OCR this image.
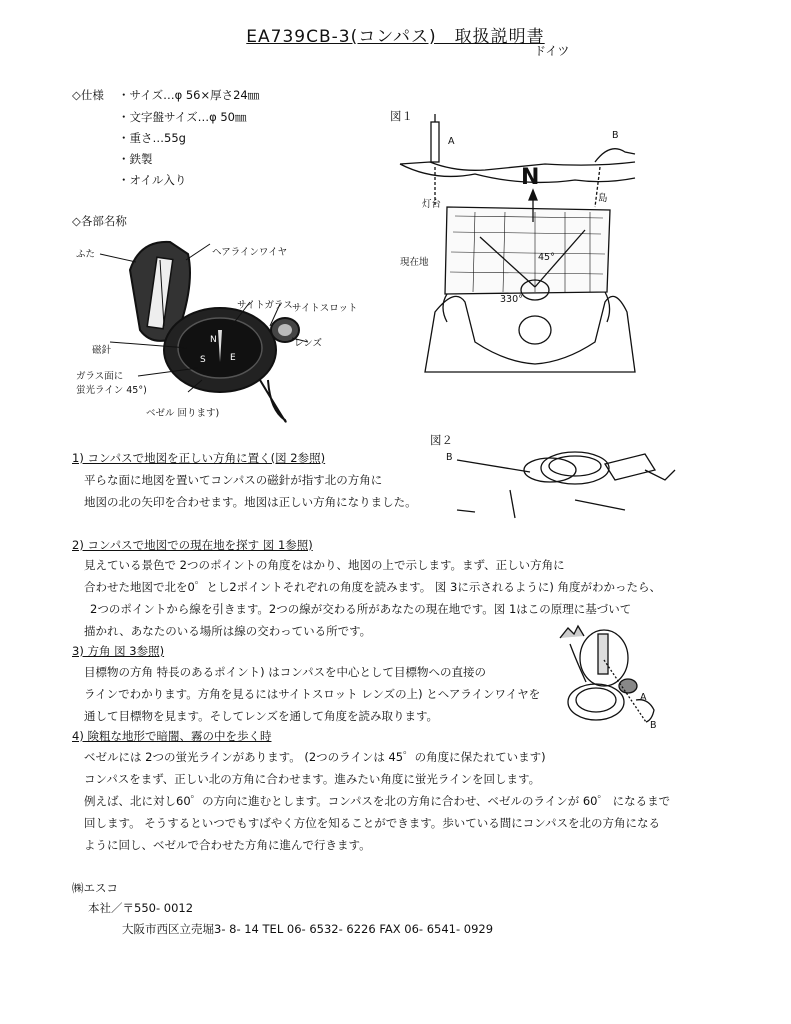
EA739CB-3(コンパス)　取扱説明書
ドイツ
◇仕様 ・サイズ…φ 56×厚さ24㎜
・文字盤サイズ…φ 50㎜
・重さ…55g
・鉄製
・オイル入り
◇各部名称
N
E
S
ふた	ヘアラインワイヤ
サイトガラス サイトスロット
レンズ
磁針
ガラス面に
蛍光ライン 45°)
ベゼル 回ります)
図１
A
B
N
灯台
島
現在地	45°
330°
図２
B
A
B
1) コンパスで地図を正しい方角に置く(図 2参照)
平らな面に地図を置いてコンパスの磁針が指す北の方角に
地図の北の矢印を合わせます。地図は正しい方角になりました。
2) コンパスで地図での現在地を探す 図 1参照)
見えている景色で 2つのポイントの角度をはかり、地図の上で示します。まず、正しい方角に
合わせた地図で北を0゜とし2ポイントそれぞれの角度を読みます。 図 3に示されるように) 角度がわかったら、
2つのポイントから線を引きます。2つの線が交わる所があなたの現在地です。図 1はこの原理に基づいて
描かれ、あなたのいる場所は線の交わっている所です。
3) 方角 図 3参照)
目標物の方角 特長のあるポイント) はコンパスを中心として目標物への直接の
ラインでわかります。方角を見るにはサイトスロット レンズの上) とヘアラインワイヤを
通して目標物を見ます。そしてレンズを通して角度を読み取ります。
4) 険粗な地形で暗闇、霧の中を歩く時
ベゼルには 2つの蛍光ラインがあります。 (2つのラインは 45゜の角度に保たれています)
コンパスをまず、正しい北の方角に合わせます。進みたい角度に蛍光ラインを回します。
例えば、北に対し60゜の方向に進むとします。コンパスを北の方角に合わせ、ベゼルのラインが 60゜ になるまで
回します。 そうするといつでもすばやく方位を知ることができます。歩いている間にコンパスを北の方角になる
ように回し、ベゼルで合わせた方角に進んで行きます。
㈱エスコ
本社／〒550‐ 0012
大阪市西区立売堀3‐ 8‐ 14 TEL 06‐ 6532‐ 6226 FAX 06‐ 6541‐ 0929
